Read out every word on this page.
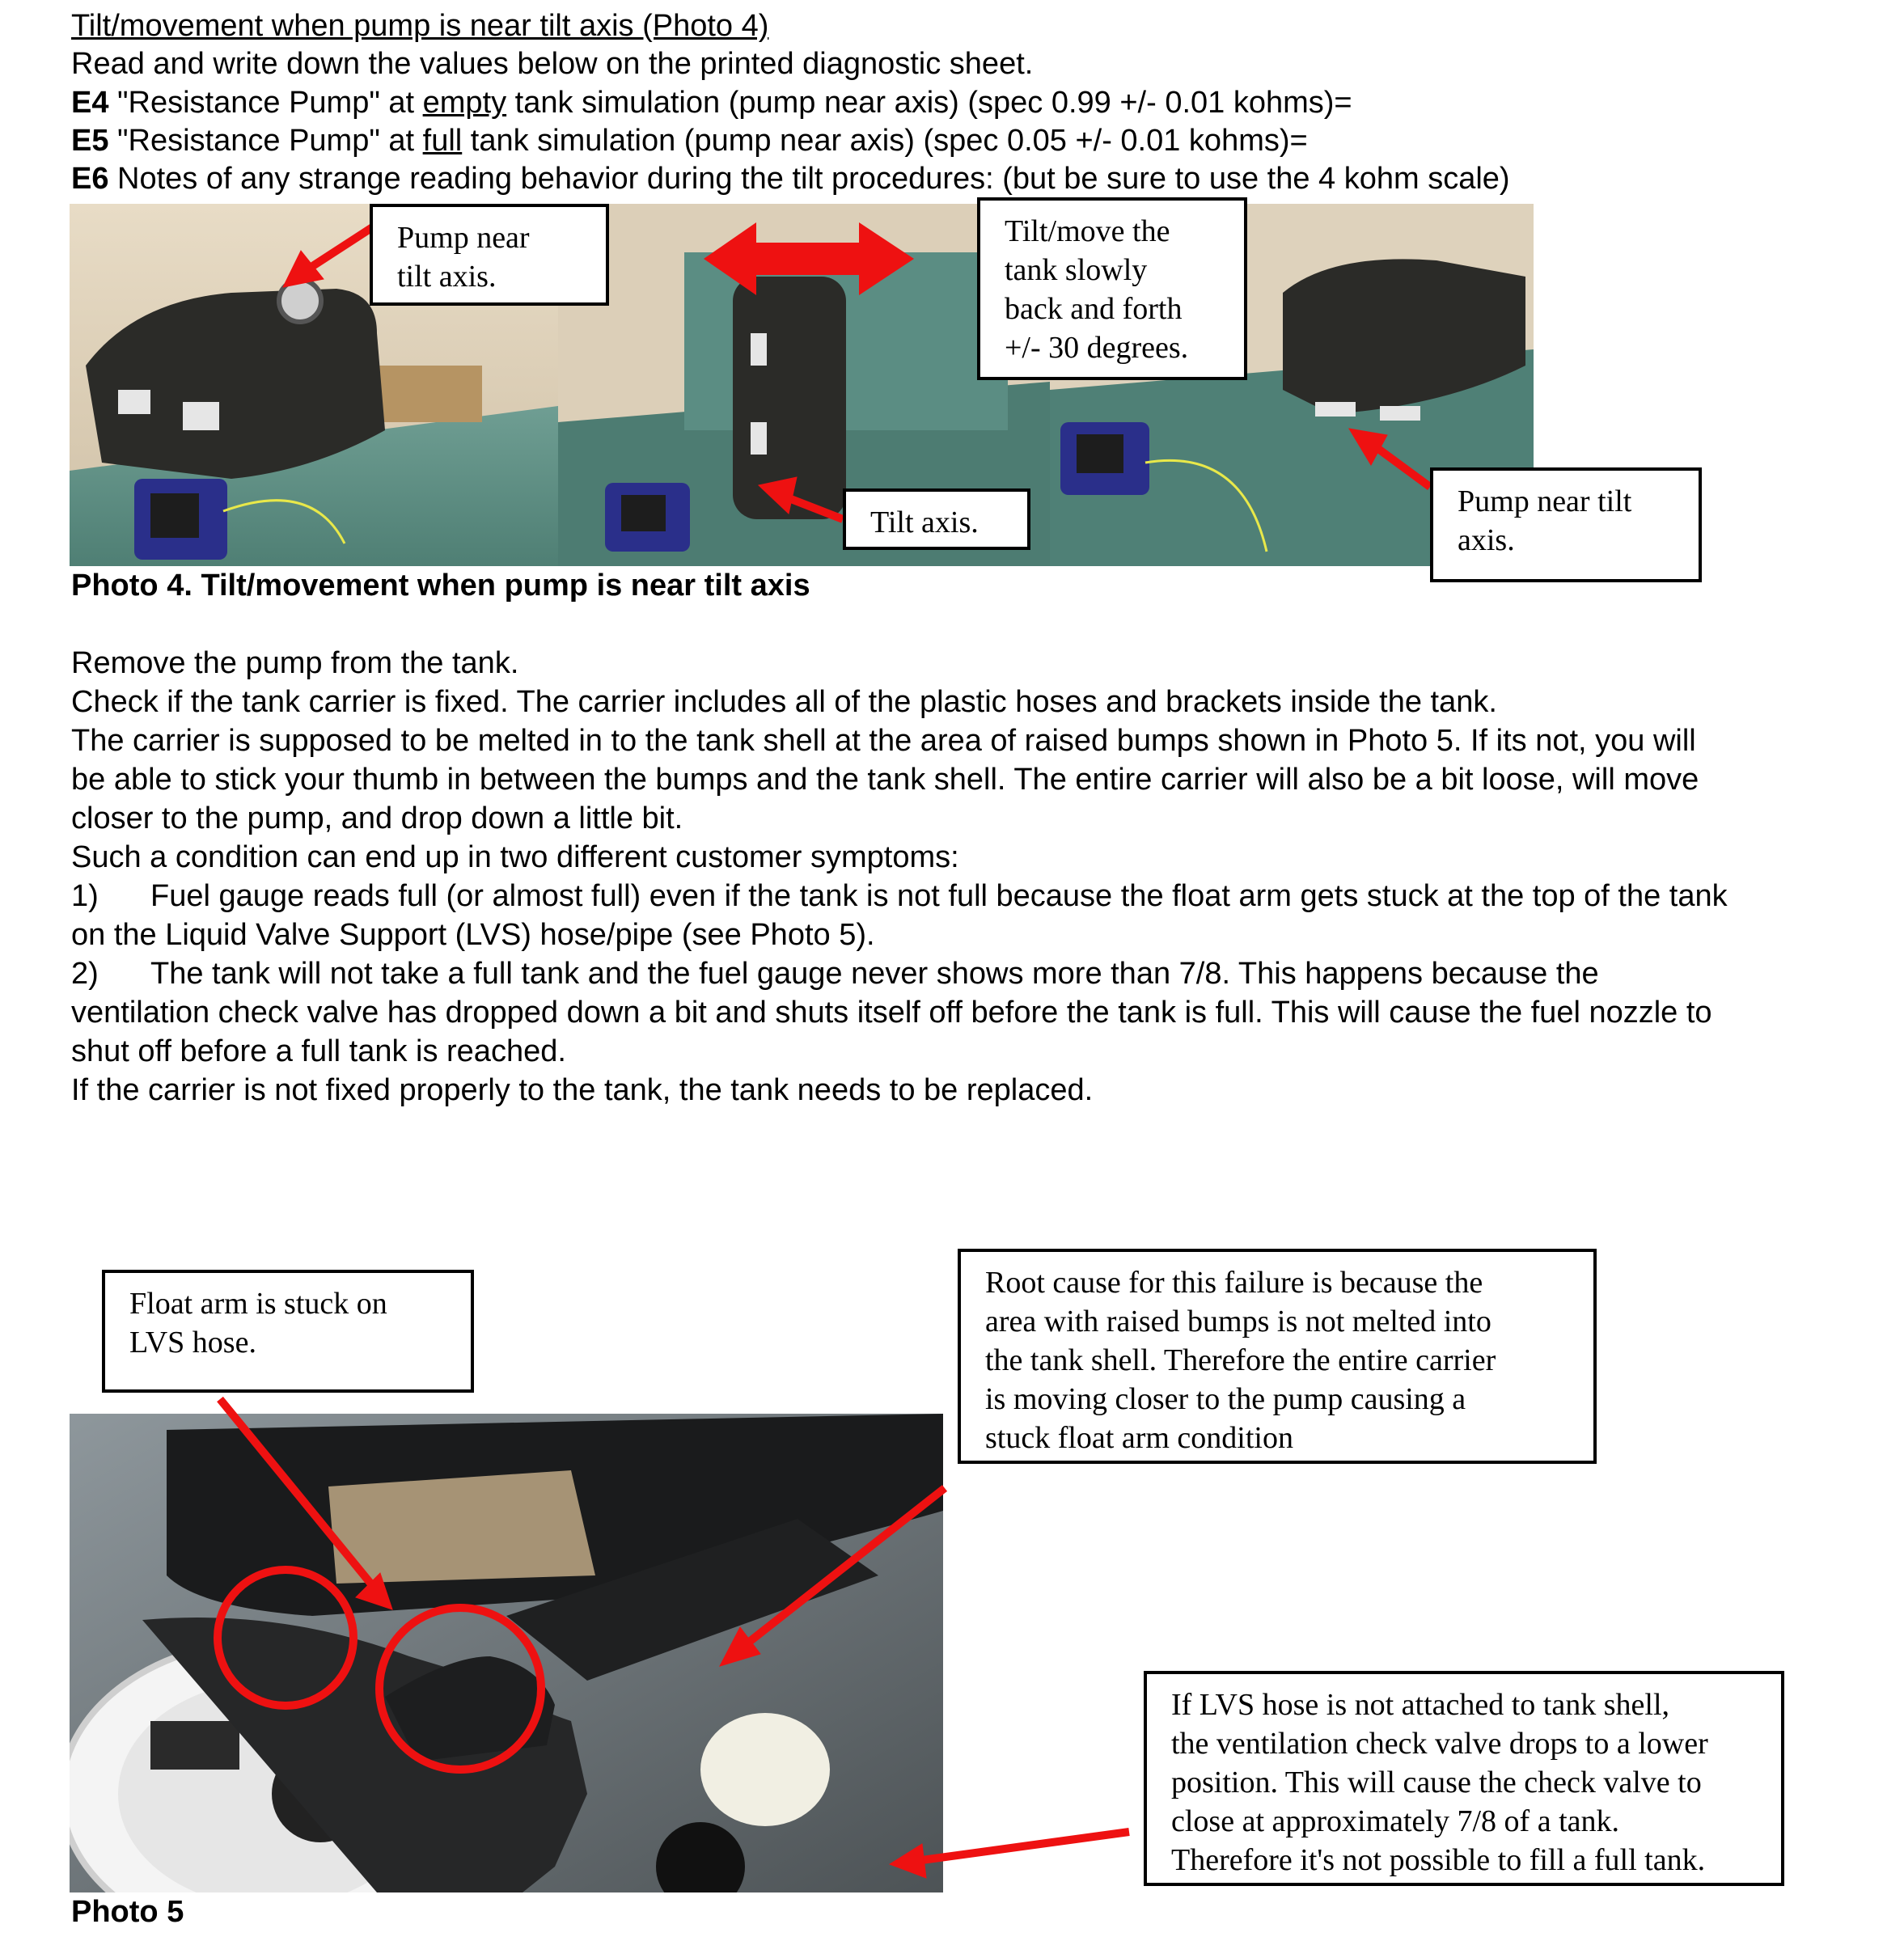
Tilt/movement when pump is near tilt axis (Photo 4)
Read and write down the values below on the printed diagnostic sheet.
E4 "Resistance Pump" at empty tank simulation (pump near axis) (spec 0.99 +/- 0.01 kohms)=
E5 "Resistance Pump" at full tank simulation (pump near axis) (spec 0.05 +/- 0.01 kohms)=
E6 Notes of any strange reading behavior during the tilt procedures: (but be sure to use the 4 kohm scale)
Pump near
tilt axis.
Tilt/move the
tank slowly
back and forth
+/- 30 degrees.
Tilt axis.
Pump near tilt
axis.
Photo 4. Tilt/movement when pump is near tilt axis
Remove the pump from the tank.
Check if the tank carrier is fixed. The carrier includes all of the plastic hoses and brackets inside the tank.
The carrier is supposed to be melted in to the tank shell at the area of raised bumps shown in Photo 5. If its not, you will
be able to stick your thumb in between the bumps and the tank shell. The entire carrier will also be a bit loose, will move
closer to the pump, and drop down a little bit.
Such a condition can end up in two different customer symptoms:
1) Fuel gauge reads full (or almost full) even if the tank is not full because the float arm gets stuck at the top of the tank
on the Liquid Valve Support (LVS) hose/pipe (see Photo 5).
2) The tank will not take a full tank and the fuel gauge never shows more than 7/8. This happens because the
ventilation check valve has dropped down a bit and shuts itself off before the tank is full. This will cause the fuel nozzle to
shut off before a full tank is reached.
If the carrier is not fixed properly to the tank, the tank needs to be replaced.
Float arm is stuck on
LVS hose.
Root cause for this failure is because the
area with raised bumps is not melted into
the tank shell. Therefore the entire carrier
is moving closer to the pump causing a
stuck float arm condition
If LVS hose is not attached to tank shell,
the ventilation check valve drops to a lower
position. This will cause the check valve to
close at approximately 7/8 of a tank.
Therefore it's not possible to fill a full tank.
Photo 5
